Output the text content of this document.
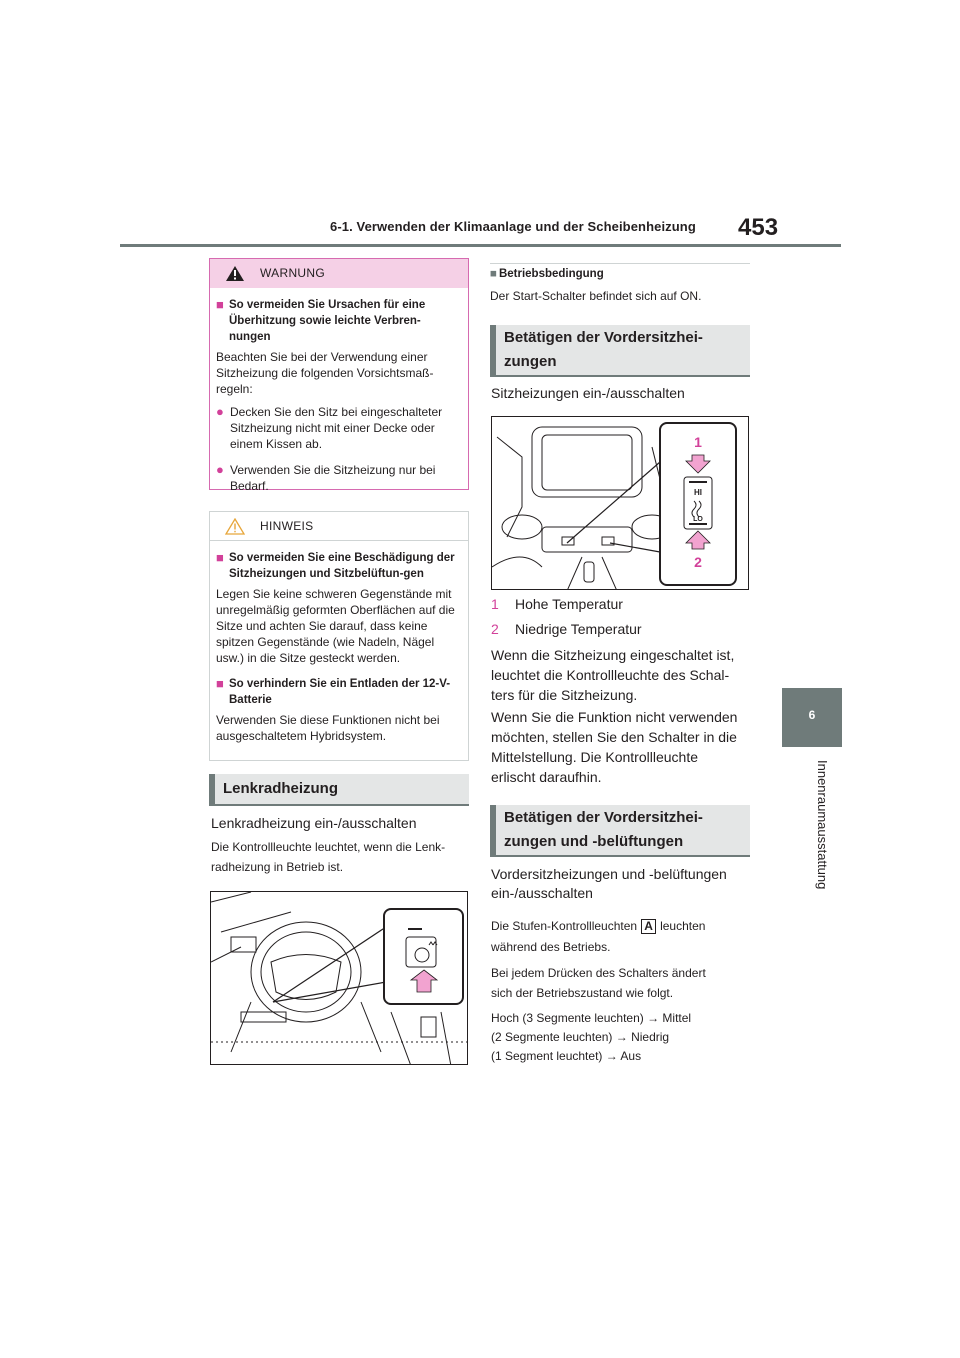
6-1. Verwenden der Klimaanlage und der Scheibenheizung 453
6
Innenraumausstattung
WARNUNG
■ So vermeiden Sie Ursachen für eine Überhitzung sowie leichte Verbren-nungen
Beachten Sie bei der Verwendung einer Sitzheizung die folgenden Vorsichtsmaß-regeln:
● Decken Sie den Sitz bei eingeschalteter Sitzheizung nicht mit einer Decke oder einem Kissen ab.
● Verwenden Sie die Sitzheizung nur bei Bedarf.
HINWEIS
■ So vermeiden Sie eine Beschädigung der Sitzheizungen und Sitzbelüftun-gen
Legen Sie keine schweren Gegenstände mit unregelmäßig geformten Oberflächen auf die Sitze und achten Sie darauf, dass keine spitzen Gegenstände (wie Nadeln, Nägel usw.) in die Sitze gesteckt werden.
■ So verhindern Sie ein Entladen der 12-V-Batterie
Verwenden Sie diese Funktionen nicht bei ausgeschaltetem Hybridsystem.
Lenkradheizung
Lenkradheizung ein-/ausschalten
Die Kontrollleuchte leuchtet, wenn die Lenk-
radheizung in Betrieb ist.
■ Betriebsbedingung
Der Start-Schalter befindet sich auf ON.
Betätigen der Vordersitzhei-
zungen
Sitzheizungen ein-/ausschalten
1
HI
LO
2
1	Hohe Temperatur
2	Niedrige Temperatur
Wenn die Sitzheizung eingeschaltet ist,
leuchtet die Kontrollleuchte des Schal-
ters für die Sitzheizung.
Wenn Sie die Funktion nicht verwenden
möchten, stellen Sie den Schalter in die
Mittelstellung. Die Kontrollleuchte
erlischt daraufhin.
Betätigen der Vordersitzhei-
zungen und -belüftungen
Vordersitzheizungen und -belüftungen
ein-/ausschalten
Die Stufen-Kontrollleuchten A leuchten
während des Betriebs.
Bei jedem Drücken des Schalters ändert
sich der Betriebszustand wie folgt.
Hoch (3 Segmente leuchten) → Mittel
(2 Segmente leuchten) → Niedrig
(1 Segment leuchtet) → Aus
